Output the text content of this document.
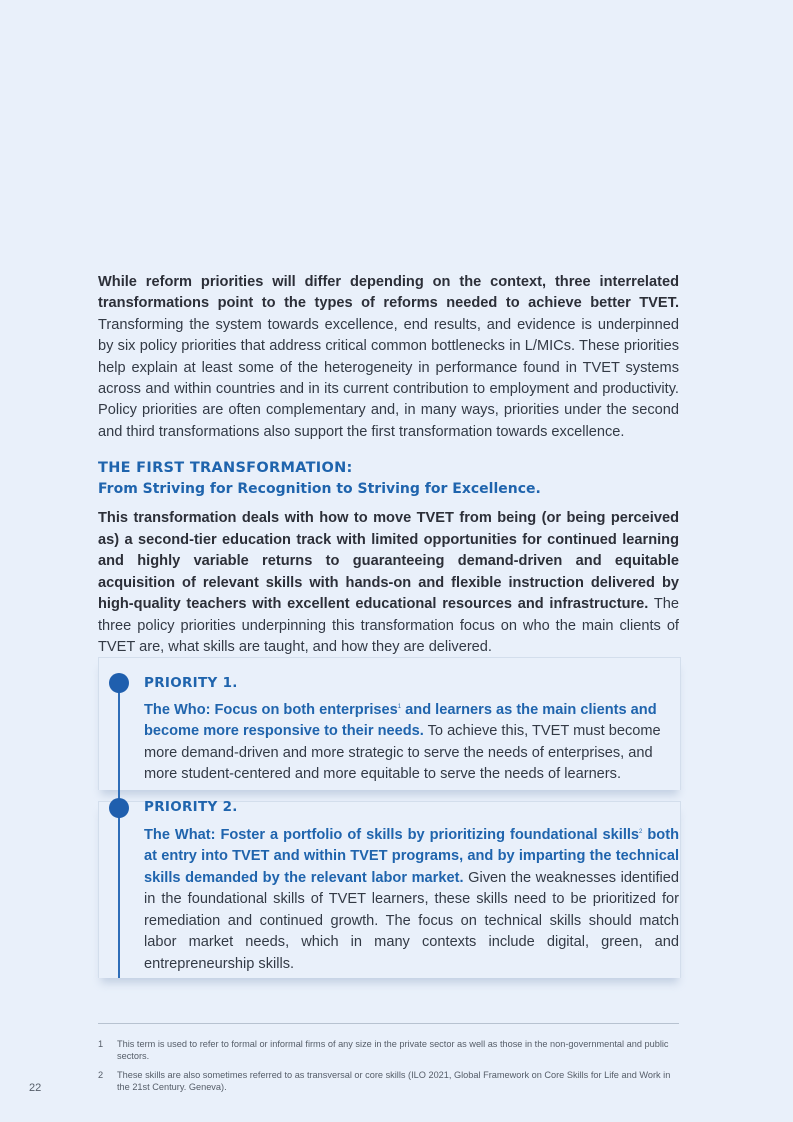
While reform priorities will differ depending on the context, three interrelated transformations point to the types of reforms needed to achieve better TVET. Transforming the system towards excellence, end results, and evidence is underpinned by six policy priorities that address critical common bottlenecks in L/MICs. These priorities help explain at least some of the heterogeneity in performance found in TVET systems across and within countries and in its current contribution to employment and productivity. Policy priorities are often complementary and, in many ways, priorities under the second and third transformations also support the first transformation towards excellence.

THE FIRST TRANSFORMATION:
From Striving for Recognition to Striving for Excellence.

This transformation deals with how to move TVET from being (or being perceived as) a second-tier education track with limited opportunities for continued learning and highly variable returns to guaranteeing demand-driven and equitable acquisition of relevant skills with hands-on and flexible instruction delivered by high-quality teachers with excellent educational resources and infrastructure. The three policy priorities underpinning this transformation focus on who the main clients of TVET are, what skills are taught, and how they are delivered.

PRIORITY 1.

The Who: Focus on both enterprises$^1$ and learners as the main clients and become more responsive to their needs. To achieve this, TVET must become more demand-driven and more strategic to serve the needs of enterprises, and more student-centered and more equitable to serve the needs of learners.

PRIORITY 2.

The What: Foster a portfolio of skills by prioritizing foundational skills$^2$ both at entry into TVET and within TVET programs, and by imparting the technical skills demanded by the relevant labor market. Given the weaknesses identified in the foundational skills of TVET learners, these skills need to be prioritized for remediation and continued growth. The focus on technical skills should match labor market needs, which in many contexts include digital, green, and entrepreneurship skills.

1 This term is used to refer to formal or informal firms of any size in the private sector as well as those in the non-governmental and public sectors.
2 These skills are also sometimes referred to as transversal or core skills (ILO 2021, Global Framework on Core Skills for Life and Work in the 21st Century. Geneva).
22
